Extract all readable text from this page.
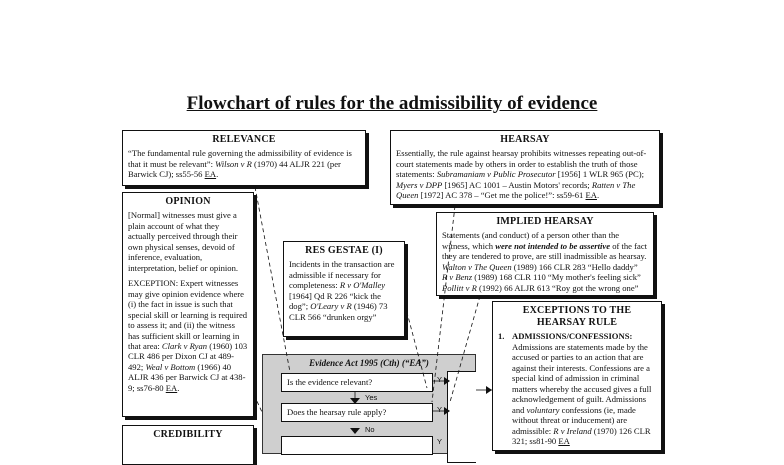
Flowchart of rules for the admissibility of evidence
RELEVANCE

“The fundamental rule governing the admissibility of evidence is that it must be relevant”: Wilson v R (1970) 44 ALJR 221 (per Barwick CJ); ss55-56 EA.

HEARSAY

Essentially, the rule against hearsay prohibits witnesses repeating out-of-court statements made by others in order to establish the truth of those statements: Subramaniam v Public Prosecutor [1956] 1 WLR 965 (PC); Myers v DPP [1965] AC 1001 – Austin Motors' records; Ratten v The Queen [1972] AC 378 – “Get me the police!”: ss59-61 EA.

OPINION

[Normal] witnesses must give a plain account of what they actually perceived through their own physical senses, devoid of inference, evaluation, interpretation, belief or opinion.

EXCEPTION: Expert witnesses may give opinion evidence where (i) the fact in issue is such that special skill or learning is required to assess it; and (ii) the witness has sufficient skill or learning in that area: Clark v Ryan (1960) 103 CLR 486 per Dixon CJ at 489-492; Weal v Bottom (1966) 40 ALJR 436 per Barwick CJ at 438-9; ss76-80 EA.

RES GESTAE (I)

Incidents in the transaction are admissible if necessary for completeness: R v O'Malley [1964] Qd R 226 “kick the dog”; O'Leary v R (1946) 73 CLR 566 “drunken orgy”

IMPLIED HEARSAY

Statements (and conduct) of a person other than the witness, which were not intended to be assertive of the fact they are tendered to prove, are still inadmissible as hearsay.
Walton v The Queen (1989) 166 CLR 283 “Hello daddy”
R v Benz (1989) 168 CLR 110 “My mother's feeling sick”
Pollitt v R (1992) 66 ALJR 613 “Roy got the wrong one”

EXCEPTIONS TO THE HEARSAY RULE
1. ADMISSIONS/CONFESSIONS: Admissions are statements made by the accused or parties to an action that are against their interests. Confessions are a special kind of admission in criminal matters whereby the accused gives a full acknowledgement of guilt. Admissions and voluntary confessions (ie, made without threat or inducement) are admissible: R v Ireland (1970) 126 CLR 321; ss81-90 EA

CREDIBILITY
Evidence Act 1995 (Cth) (“EA”)
Is the evidence relevant?
Does the hearsay rule apply?
Yes
No
Y
Y
Y
